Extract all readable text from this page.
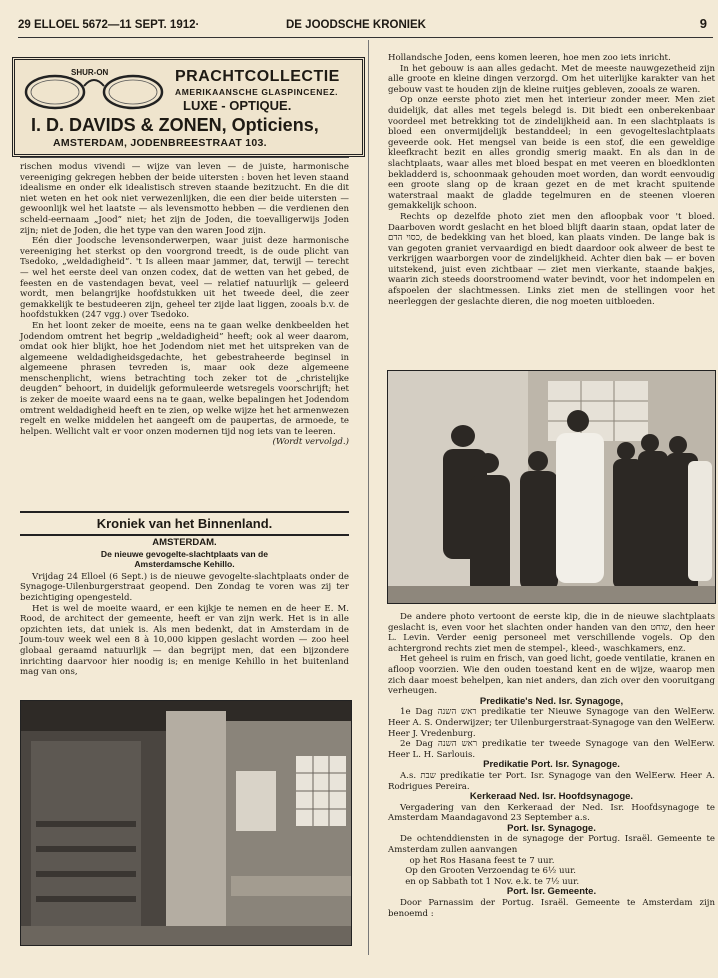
29 ELLOEL 5672—11 SEPT. 1912·	DE JOODSCHE KRONIEK	9
SHUR-ON	PRACHTCOLLECTIE
AMERIKAANSCHE GLASPINCENEZ.
LUXE - OPTIQUE.
I. D. DAVIDS & ZONEN, Opticiens,
AMSTERDAM, JODENBREESTRAAT 103.

rischen modus vivendi — wijze van leven — de juiste, harmonische vereeniging gekregen hebben der beide uitersten : boven het leven staand idealisme en onder elk idealistisch streven staande bezitzucht. En die dit niet weten en het ook niet verwezenlijken, die een dier beide uitersten — gewoonlijk wel het laatste — als levensmotto hebben — die verdienen den scheld-eernaam „Jood” niet; het zijn de Joden, die toevalligerwijs Joden zijn; niet de Joden, die het type van den waren Jood zijn.

Eén dier Joodsche levensonderwerpen, waar juist deze harmonische vereeniging het sterkst op den voorgrond treedt, is de oude plicht van Tsedoko, „weldadigheid”. 't Is alleen maar jammer, dat, terwijl — terecht — wel het eerste deel van onzen codex, dat de wetten van het gebed, de feesten en de vastendagen bevat, veel — relatief natuurlijk — geleerd wordt, men belangrijke hoofdstukken uit het tweede deel, die zeer gemakkelijk te bestudeeren zijn, geheel ter zijde laat liggen, zooals b.v. de hoofdstukken (247 vgg.) over Tsedoko.

En het loont zeker de moeite, eens na te gaan welke denkbeelden het Jodendom omtrent het begrip „weldadigheid” heeft; ook al weer daarom, omdat ook hier blijkt, hoe het Jodendom niet met het uitspreken van de algemeene weldadigheidsgedachte, het gebestraheerde beginsel in algemeene phrasen tevreden is, maar ook deze algemeene menschenplicht, wiens betrachting toch zeker tot de „christelijke deugden” behoort, in duidelijk geformuleerde wetsregels voorschrijft; het is zeker de moeite waard eens na te gaan, welke bepalingen het Jodendom omtrent weldadigheid heeft en te zien, op welke wijze het het armenwezen regelt en welke middelen het aangeeft om de paupertas, de armoede, te helpen. Wellicht valt er voor onzen modernen tijd nog iets van te leeren.

(Wordt vervolgd.)

Kroniek van het Binnenland.

AMSTERDAM.

De nieuwe gevogelte-slachtplaats van de

Amsterdamsche Kehillo.

Vrijdag 24 Elloel (6 Sept.) is de nieuwe gevogelte-slachtplaats onder de Synagoge-Uilenburgerstraat geopend. Den Zondag te voren was zij ter bezichtiging opengesteld.

Het is wel de moeite waard, er een kijkje te nemen en de heer E. M. Rood, de architect der gemeente, heeft er van zijn werk. Het is in alle opzichten iets, dat uniek is. Als men bedenkt, dat in Amsterdam in de Joum-touv week wel een 8 à 10,000 kippen geslacht worden — zoo heel globaal geraamd natuurlijk — dan begrijpt men, dat een bijzondere inrichting daarvoor hier noodig is; en menige Kehillo in het buitenland mag van ons,

Hollandsche Joden, eens komen leeren, hoe men zoo iets inricht.

In het gebouw is aan alles gedacht. Met de meeste nauwgezetheid zijn alle groote en kleine dingen verzorgd. Om het uiterlijke karakter van het gebouw vast te houden zijn de kleine ruitjes gebleven, zooals ze waren.

Op onze eerste photo ziet men het interieur zonder meer. Men ziet duidelijk, dat alles met tegels belegd is. Dit biedt een onberekenbaar voordeel met betrekking tot de zindelijkheid aan. In een slachtplaats is bloed een onvermijdelijk bestanddeel; in een gevogelteslachtplaats geveerde ook. Het mengsel van beide is een stof, die een geweldige kleefkracht bezit en alles grondig smerig maakt. En als dan in de slachtplaats, waar alles met bloed bespat en met veeren en bloedklonten bekladderd is, schoonmaak gehouden moet worden, dan wordt eenvoudig een groote slang op de kraan gezet en de met kracht spuitende waterstraal maakt de gladde tegelmuren en de steenen vloeren gemakkelijk schoon.

Rechts op dezelfde photo ziet men den afloopbak voor 't bloed. Daarboven wordt geslacht en het bloed blijft daarin staan, opdat later de כסוי הדם, de bedekking van het bloed, kan plaats vinden. De lange bak is van gegoten graniet vervaardigd en biedt daardoor ook alweer de best te verkrijgen waarborgen voor de zindelijkheid. Achter dien bak — er boven uitstekend, juist even zichtbaar — ziet men vierkante, staande bakjes, waarin zich steeds doorstroomend water bevindt, voor het indompelen en afspoelen der slachtmessen. Links ziet men de stellingen voor het neerleggen der geslachte dieren, die nog moeten uitbloeden.

De andere photo vertoont de eerste kip, die in de nieuwe slachtplaats geslacht is, even voor het slachten onder handen van den שוחט, den heer L. Levin. Verder eenig personeel met verschillende vogels. Op den achtergrond rechts ziet men de stempel-, kleed-, waschkamers, enz.

Het geheel is ruim en frisch, van goed licht, goede ventilatie, kranen en afloop voorzien. Wie den ouden toestand kent en de wijze, waarop men zich daar moest behelpen, kan niet anders, dan zich over den vooruitgang verheugen.

Predikatie's Ned. Isr. Synagoge,

1e Dag ראש השנה predikatie ter Nieuwe Synagoge van den WelEerw. Heer A. S. Onderwijzer; ter Uilenburgerstraat-Synagoge van den WelEerw. Heer J. Vredenburg.

2e Dag ראש השנה predikatie ter tweede Synagoge van den WelEerw. Heer L. H. Sarlouis.

Predikatie Port. Isr. Synagoge.

A.s. שבת predikatie ter Port. Isr. Synagoge van den WelEerw. Heer A. Rodrigues Pereira.

Kerkeraad Ned. Isr. Hoofdsynagoge.

Vergadering van den Kerkeraad der Ned. Isr. Hoofdsynagoge te Amsterdam Maandagavond 23 September a.s.

Port. Isr. Synagoge.

De ochtenddiensten in de synagoge der Portug. Israël. Gemeente te Amsterdam zullen aanvangen

op het Ros Hasana feest te 7 uur.

Op den Grooten Verzoendag te 6½ uur.

en op Sabbath tot 1 Nov. e.k. te 7½ uur.

Port. Isr. Gemeente.

Door Parnassim der Portug. Israël. Gemeente te Amsterdam zijn benoemd :
